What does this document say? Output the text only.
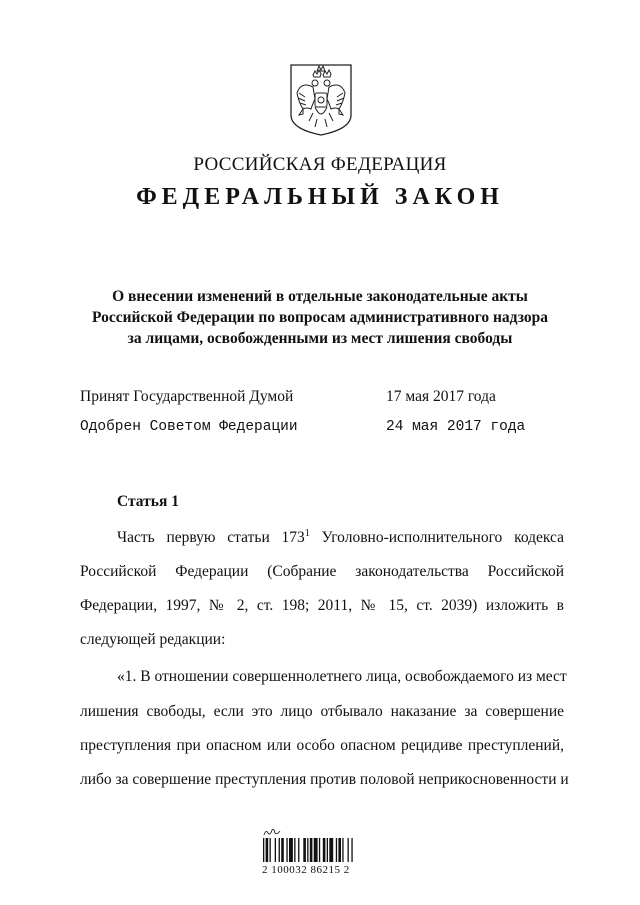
РОССИЙСКАЯ ФЕДЕРАЦИЯ
ФЕДЕРАЛЬНЫЙ ЗАКОН
О внесении изменений в отдельные законодательные акты
Российской Федерации по вопросам административного надзора
за лицами, освобожденными из мест лишения свободы
Принят Государственной Думой	17 мая 2017 года
Одобрен Советом Федерации	24 мая 2017 года
Статья 1
Часть первую статьи $173^1$ Уголовно-исполнительного кодекса
Российской Федерации (Собрание законодательства Российской
Федерации, 1997, № 2, ст. 198; 2011, № 15, ст. 2039) изложить в
следующей редакции:
«1. В отношении совершеннолетнего лица, освобождаемого из мест
лишения свободы, если это лицо отбывало наказание за совершение
преступления при опасном или особо опасном рецидиве преступлений,
либо за совершение преступления против половой неприкосновенности и
2 100032 86215 2
